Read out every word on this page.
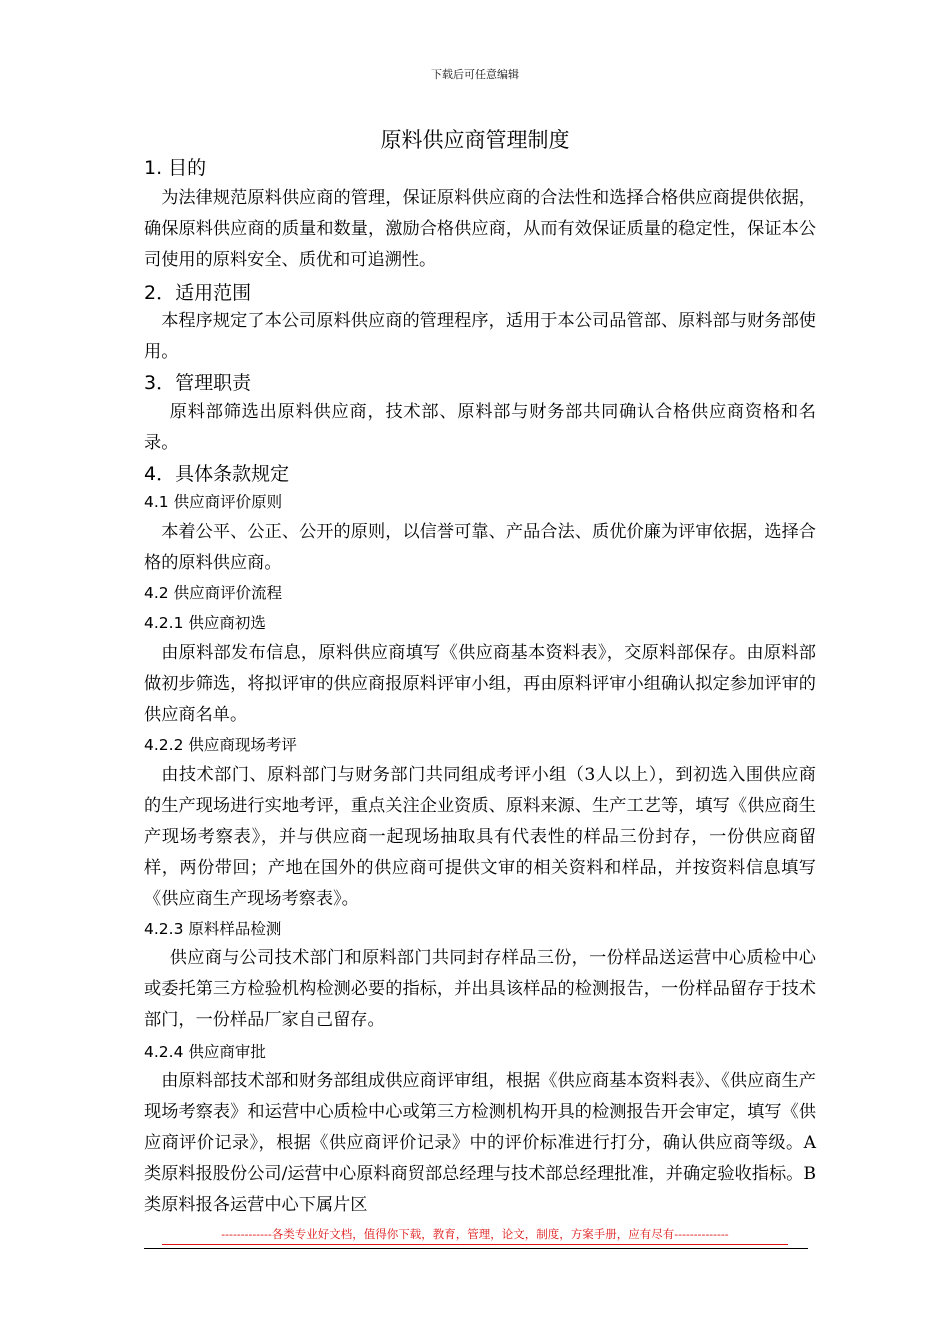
下载后可任意编辑
原料供应商管理制度
1. 目的
为法律规范原料供应商的管理，保证原料供应商的合法性和选择合格供应商提供依据，确保原料供应商的质量和数量，激励合格供应商，从而有效保证质量的稳定性，保证本公司使用的原料安全、质优和可追溯性。
2．适用范围
本程序规定了本公司原料供应商的管理程序，适用于本公司品管部、原料部与财务部使用。
3．管理职责
原料部筛选出原料供应商，技术部、原料部与财务部共同确认合格供应商资格和名录。
4．具体条款规定
4.1 供应商评价原则
本着公平、公正、公开的原则，以信誉可靠、产品合法、质优价廉为评审依据，选择合格的原料供应商。
4.2 供应商评价流程
4.2.1 供应商初选
由原料部发布信息，原料供应商填写《供应商基本资料表》，交原料部保存。由原料部做初步筛选，将拟评审的供应商报原料评审小组，再由原料评审小组确认拟定参加评审的供应商名单。
4.2.2 供应商现场考评
由技术部门、原料部门与财务部门共同组成考评小组（3人以上），到初选入围供应商的生产现场进行实地考评，重点关注企业资质、原料来源、生产工艺等，填写《供应商生产现场考察表》，并与供应商一起现场抽取具有代表性的样品三份封存，一份供应商留样，两份带回；产地在国外的供应商可提供文审的相关资料和样品，并按资料信息填写《供应商生产现场考察表》。
4.2.3 原料样品检测
供应商与公司技术部门和原料部门共同封存样品三份，一份样品送运营中心质检中心或委托第三方检验机构检测必要的指标，并出具该样品的检测报告，一份样品留存于技术部门，一份样品厂家自己留存。
4.2.4 供应商审批
由原料部技术部和财务部组成供应商评审组，根据《供应商基本资料表》、《供应商生产现场考察表》和运营中心质检中心或第三方检测机构开具的检测报告开会审定，填写《供应商评价记录》，根据《供应商评价记录》中的评价标准进行打分，确认供应商等级。A类原料报股份公司/运营中心原料商贸部总经理与技术部总经理批准，并确定验收指标。B类原料报各运营中心下属片区
-------------各类专业好文档，值得你下载，教育，管理，论文，制度，方案手册，应有尽有--------------
